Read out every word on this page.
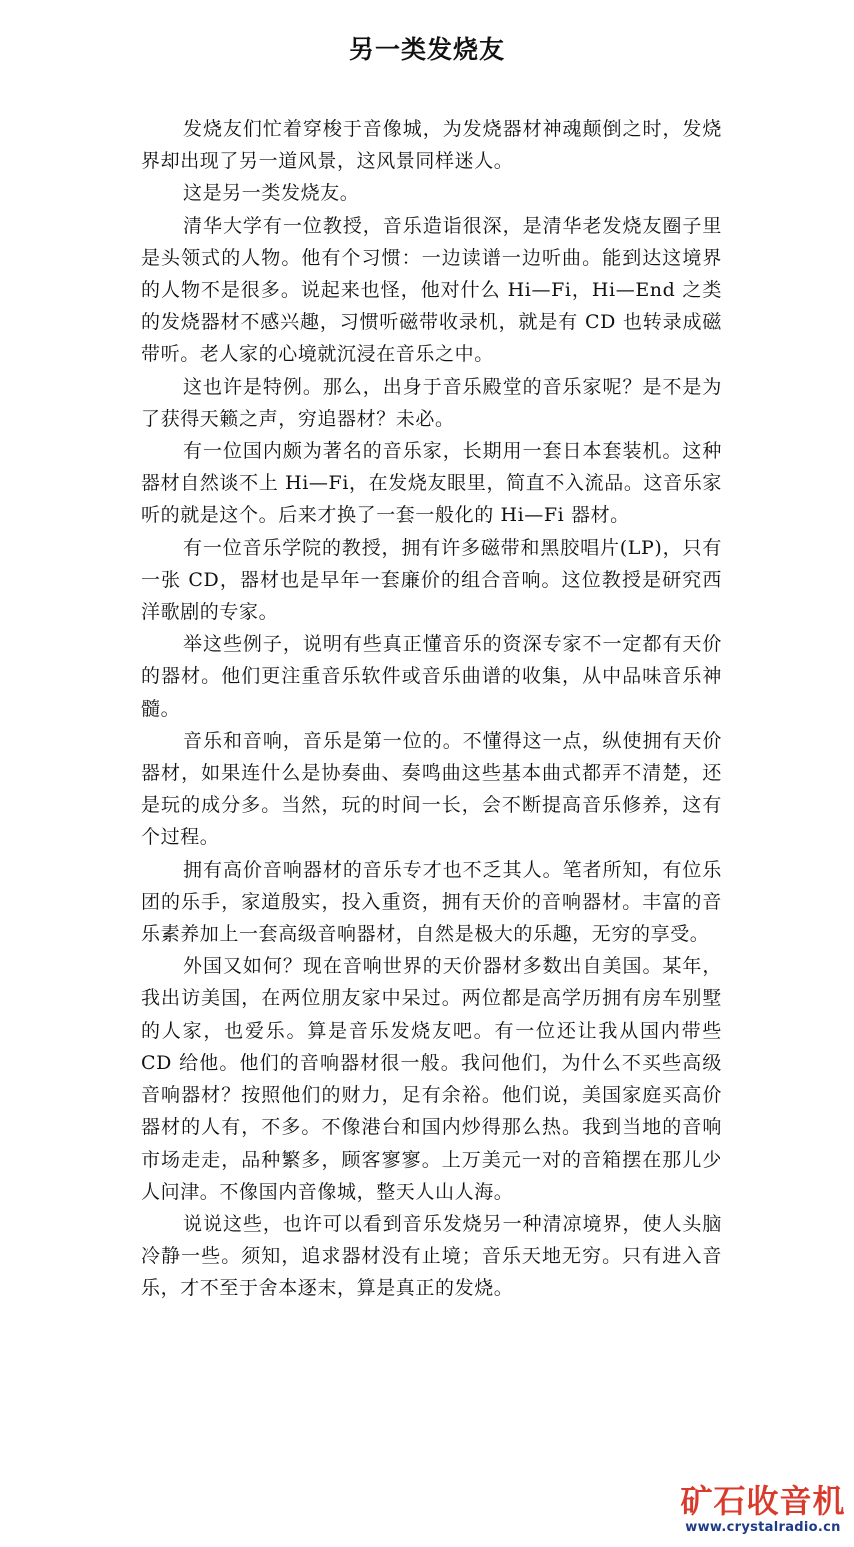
另一类发烧友

发烧友们忙着穿梭于音像城，为发烧器材神魂颠倒之时，发烧界却出现了另一道风景，这风景同样迷人。

这是另一类发烧友。

清华大学有一位教授，音乐造诣很深，是清华老发烧友圈子里是头领式的人物。他有个习惯：一边读谱一边听曲。能到达这境界的人物不是很多。说起来也怪，他对什么 Hi—Fi，Hi—End 之类的发烧器材不感兴趣，习惯听磁带收录机，就是有 CD 也转录成磁带听。老人家的心境就沉浸在音乐之中。

这也许是特例。那么，出身于音乐殿堂的音乐家呢？是不是为了获得天籁之声，穷追器材？未必。

有一位国内颇为著名的音乐家，长期用一套日本套装机。这种器材自然谈不上 Hi—Fi，在发烧友眼里，简直不入流品。这音乐家听的就是这个。后来才换了一套一般化的 Hi—Fi 器材。

有一位音乐学院的教授，拥有许多磁带和黑胶唱片(LP)，只有一张 CD，器材也是早年一套廉价的组合音响。这位教授是研究西洋歌剧的专家。

举这些例子，说明有些真正懂音乐的资深专家不一定都有天价的器材。他们更注重音乐软件或音乐曲谱的收集，从中品味音乐神髓。

音乐和音响，音乐是第一位的。不懂得这一点，纵使拥有天价器材，如果连什么是协奏曲、奏鸣曲这些基本曲式都弄不清楚，还是玩的成分多。当然，玩的时间一长，会不断提高音乐修养，这有个过程。

拥有高价音响器材的音乐专才也不乏其人。笔者所知，有位乐团的乐手，家道殷实，投入重资，拥有天价的音响器材。丰富的音乐素养加上一套高级音响器材，自然是极大的乐趣，无穷的享受。

外国又如何？现在音响世界的天价器材多数出自美国。某年，我出访美国，在两位朋友家中呆过。两位都是高学历拥有房车别墅的人家，也爱乐。算是音乐发烧友吧。有一位还让我从国内带些 CD 给他。他们的音响器材很一般。我问他们，为什么不买些高级音响器材？按照他们的财力，足有余裕。他们说，美国家庭买高价器材的人有，不多。不像港台和国内炒得那么热。我到当地的音响市场走走，品种繁多，顾客寥寥。上万美元一对的音箱摆在那儿少人问津。不像国内音像城，整天人山人海。

说说这些，也许可以看到音乐发烧另一种清凉境界，使人头脑冷静一些。须知，追求器材没有止境；音乐天地无穷。只有进入音乐，才不至于舍本逐末，算是真正的发烧。

矿石收音机
www.crystalradio.cn
